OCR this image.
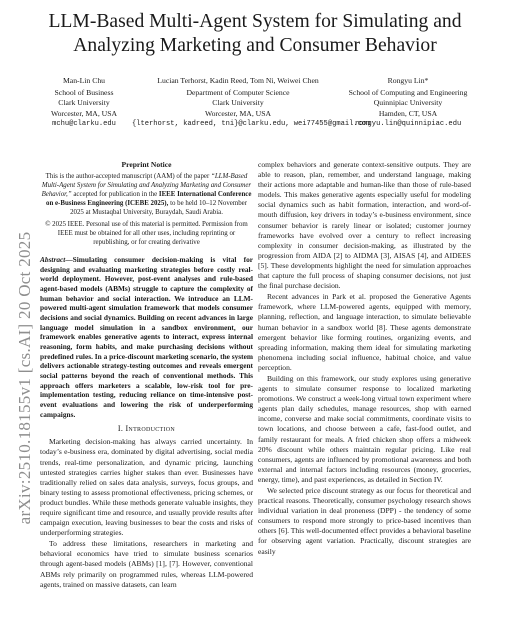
LLM-Based Multi-Agent System for Simulating and
Analyzing Marketing and Consumer Behavior
Man-Lin Chu
School of Business
Clark University
Worcester, MA, USA
mchu@clarku.edu
Lucian Terhorst, Kadin Reed, Tom Ni, Weiwei Chen
Department of Computer Science
Clark University
Worcester, MA, USA
{lterhorst, kadreed, tni}@clarku.edu, wei77455@gmail.com
Rongyu Lin*
School of Computing and Engineering
Quinnipiac University
Hamden, CT, USA
rongyu.lin@quinnipiac.edu
arXiv:2510.18155v1 [cs.AI] 20 Oct 2025

Preprint Notice

This is the author-accepted manuscript (AAM) of the paper “LLM-Based Multi-Agent System for Simulating and Analyzing Marketing and Consumer Behavior,” accepted for publication in the IEEE International Conference on e-Business Engineering (ICEBE 2025), to be held 10–12 November 2025 at Mustaqbal University, Buraydah, Saudi Arabia.

© 2025 IEEE. Personal use of this material is permitted. Permission from IEEE must be obtained for all other uses, including reprinting or republishing, or for creating derivative

Abstract—Simulating consumer decision-making is vital for designing and evaluating marketing strategies before costly real-world deployment. However, post-event analyses and rule-based agent-based models (ABMs) struggle to capture the complexity of human behavior and social interaction. We introduce an LLM-powered multi-agent simulation framework that models consumer decisions and social dynamics. Building on recent advances in large language model simulation in a sandbox environment, our framework enables generative agents to interact, express internal reasoning, form habits, and make purchasing decisions without predefined rules. In a price-discount marketing scenario, the system delivers actionable strategy-testing outcomes and reveals emergent social patterns beyond the reach of conventional methods. This approach offers marketers a scalable, low-risk tool for pre-implementation testing, reducing reliance on time-intensive post-event evaluations and lowering the risk of underperforming campaigns.

I. Introduction

Marketing decision-making has always carried uncertainty. In today’s e-business era, dominated by digital advertising, social media trends, real-time personalization, and dynamic pricing, launching untested strategies carries higher stakes than ever. Businesses have traditionally relied on sales data analysis, surveys, focus groups, and binary testing to assess promotional effectiveness, pricing schemes, or product bundles. While these methods generate valuable insights, they require significant time and resource, and usually provide results after campaign execution, leaving businesses to bear the costs and risks of underperforming strategies.

To address these limitations, researchers in marketing and behavioral economics have tried to simulate business scenarios through agent-based models (ABMs) [1], [7]. However, conventional ABMs rely primarily on programmed rules, whereas LLM-powered agents, trained on massive datasets, can learn

complex behaviors and generate context-sensitive outputs. They are able to reason, plan, remember, and understand language, making their actions more adaptable and human-like than those of rule-based models. This makes generative agents especially useful for modeling social dynamics such as habit formation, interaction, and word-of-mouth diffusion, key drivers in today’s e-business environment, since consumer behavior is rarely linear or isolated; customer journey frameworks have evolved over a century to reflect increasing complexity in consumer decision-making, as illustrated by the progression from AIDA [2] to AIDMA [3], AISAS [4], and AIDEES [5]. These developments highlight the need for simulation approaches that capture the full process of shaping consumer decisions, not just the final purchase decision.

Recent advances in Park et al. proposed the Generative Agents framework, where LLM-powered agents, equipped with memory, planning, reflection, and language interaction, to simulate believable human behavior in a sandbox world [8]. These agents demonstrate emergent behavior like forming routines, organizing events, and spreading information, making them ideal for simulating marketing phenomena including social influence, habitual choice, and value perception.

Building on this framework, our study explores using generative agents to simulate consumer response to localized marketing promotions. We construct a week-long virtual town experiment where agents plan daily schedules, manage resources, shop with earned income, converse and make social commitments, coordinate visits to town locations, and choose between a cafe, fast-food outlet, and family restaurant for meals. A fried chicken shop offers a midweek 20% discount while others maintain regular pricing. Like real consumers, agents are influenced by promotional awareness and both external and internal factors including resources (money, groceries, energy, time), and past experiences, as detailed in Section IV.

We selected price discount strategy as our focus for theoretical and practical reasons. Theoretically, consumer psychology research shows individual variation in deal proneness (DPP) - the tendency of some consumers to respond more strongly to price-based incentives than others [6]. This well-documented effect provides a behavioral baseline for observing agent variation. Practically, discount strategies are easily
